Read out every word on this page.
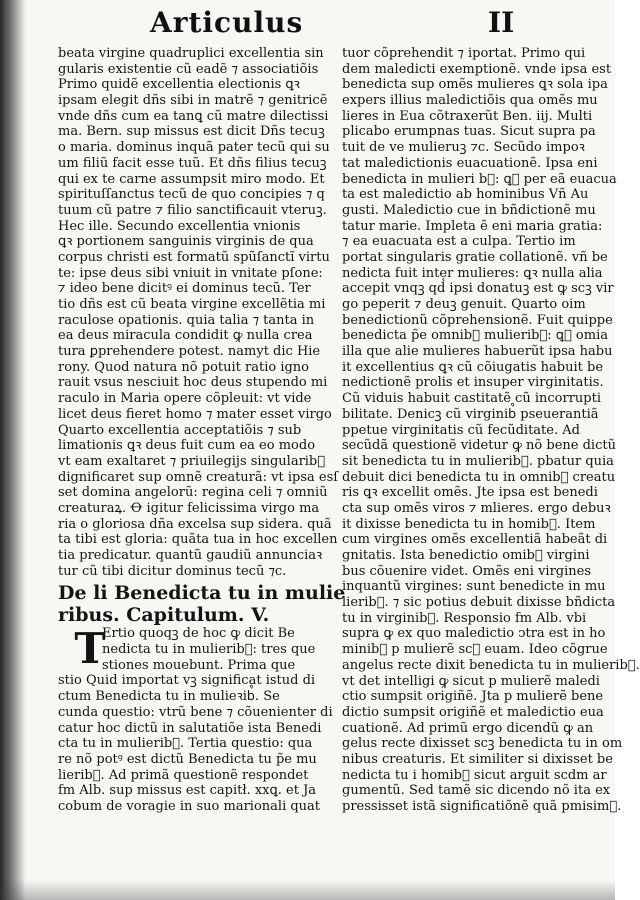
Articulus	II
beata virgine quadruplici excellentia sin
gularis existentie cũ eadẽ ⁊ associatiõis
Primo quidẽ excellentia electionis ꝗꝛ
ipsam elegit dñs sibi in matrẽ ⁊ genitricẽ
vnde dñs cum ea tanꝗ cũ matre dilectissi
ma. Bern. sup missus est dicit Dñs tecuꝫ
o maria. dominus inquã pater tecũ qui su
um filiũ facit esse tuũ. Et dñs filius tecuꝫ
qui ex te carne assumpsit miro modo. Et
spirituſſanctus tecũ de quo concipies ⁊ q
tuum cũ patre ⁊ filio sanctificauit vteruꝫ.
Hec ille. Secundo excellentia vnionis
ꝗꝛ portionem sanguinis virginis de qua
corpus christi est formatũ spũſanctĩ virtu
te: ipse deus sibi vniuit in vnitate pſone:
⁊ ideo bene dicitꝰ ei dominus tecũ. Ter
tio dñs est cũ beata virgine excellẽtia mi
raculose opationis. quia talia ⁊ tanta in
ea deus miracula condidit ꝙ nulla crea
tura ꝑprehendere potest. namyt dic Hie
rony. Quod natura nõ potuit ratio igno
rauit vsus nesciuit hoc deus stupendo mi
raculo in Maria opere cõpleuit: vt vide
licet deus fieret homo ⁊ mater esset virgo
Quarto excellentia acceptatiõis ⁊ sub
limationis ꝗꝛ deus fuit cum ea eo modo
vt eam exaltaret ⁊ priuilegijs singularib᷒
dignificaret sup omnẽ creaturã: vt ipsa esſ
set domina angelorũ: regina celi ⁊ omniũ
creaturaꝝ. Ꝋ igitur felicissima virgo ma
ria o gloriosa dña excelsa sup sidera. quã
ta tibi est gloria: quãta tua in hoc excellen
tia predicatur. quantũ gaudiũ annunciaꝛ
tur cũ tibi dicitur dominus tecũ ⁊c.
De li Benedicta tu in mulie
ribus. Capitulum. V.
T
Ertio quoqꝫ de hoc ꝙ dicit Be
nedicta tu in mulierib᷒: tres que
stiones mouebunt. Prima que
stio Quid importat vꝫ significat istud di
ctum Benedicta tu in mulieꝛib᷒. Se
cunda questio: vtrũ bene ⁊ cõuenienter di
catur hoc dictũ in salutatiõe ista Benedi
cta tu in mulierib᷒. Tertia questio: qua
re nõ potꝰ est dictũ Benedicta tu p̃e mu
lierib᷒. Ad primã questionẽ respondet
fm Alb. sup missus est capitł. xxꝗ. et Ja
cobum de voragie in suo marionali quat
tuor cõprehendit ⁊ iportat. Primo qui
dem maledicti exemptionẽ. vnde ipsa est
benedicta sup omẽs mulieres ꝗꝛ sola ipa
expers illius maledictiõis qua omẽs mu
lieres in Eua cõtraxerũt Ben. iij. Multi
plicabo erumpnas tuas. Sicut supra pa
tuit de ve mulieruꝫ ⁊c. Secũdo impoꝛ
tat maledictionis euacuationẽ. Ipsa eni
benedicta in mulieri b᷒: ꝗꝛ per eã euacua
ta est maledictio ab hominibus Vñ Au
gusti. Maledictio cue in bñdictionẽ mu
tatur marie. Impleta ẽ eni maria gratia:
⁊ ea euacuata est a culpa. Tertio im
portat singularis gratie collationẽ. vñ be
nedicta fuit inter mulieres: ꝗꝛ nulla alia
accepit vnqꝫ qd̾ ipsi donatuꝫ est ꝙ scꝫ vir
go peperit ⁊ deuꝫ genuit. Quarto oim
benedictionũ cõprehensionẽ. Fuit quippe
benedicta p̃e omnib᷒ mulierib᷒: ꝗꝛ omia
illa que alie mulieres habuerũt ipsa habu
it excellentius ꝗꝛ cũ cõiugatis habuit be
nedictionẽ prolis et insuper virginitatis.
Cũ viduis habuit castitatẽ cũ incorrupti
bilitate. Denicꝫ cũ virginib᷒ pseuerantiã
ppetue virginitatis cũ fecũditate. Ad
secũdã questionẽ videtur ꝙ nõ bene dictũ
sit benedicta tu in mulierib᷒. pbatur quia
debuit dici benedicta tu in omnib᷒ creatu
ris ꝗꝛ excellit omẽs. Jte ipsa est benedi
cta sup omẽs viros ⁊ mlieres. ergo debuꝛ
it dixisse benedicta tu in homib᷒. Item
cum virgines omẽs excellentiã habeãt di
gnitatis. Ista benedictio omib᷒ virgini
bus cõuenire videt. Omẽs eni virgines
inquantũ virgines: sunt benedicte in mu
lierib᷒. ⁊ sic potius debuit dixisse bñdicta
tu in virginib᷒. Responsio fm Alb. vbi
supra ꝙ ex quo maledictio ↄtra est in ho
minib᷒ p mulierẽ scꝫ euam. Ideo cõgrue
angelus recte dixit benedicta tu in mulierib᷒.
vt det intelligi ꝙ sicut p mulierẽ maledi
ctio sumpsit origiñẽ. Jta p mulierẽ bene
dictio sumpsit origiñẽ et maledictio eua
cuationẽ. Ad primũ ergo dicendũ ꝙ an
gelus recte dixisset scꝫ benedicta tu in om
nibus creaturis. Et similiter si dixisset be
nedicta tu i homib᷒ sicut arguit scdm ar
gumentũ. Sed tamẽ sic dicendo nõ ita ex
pressisset istã significatiõnẽ quã pmisim᷒.
